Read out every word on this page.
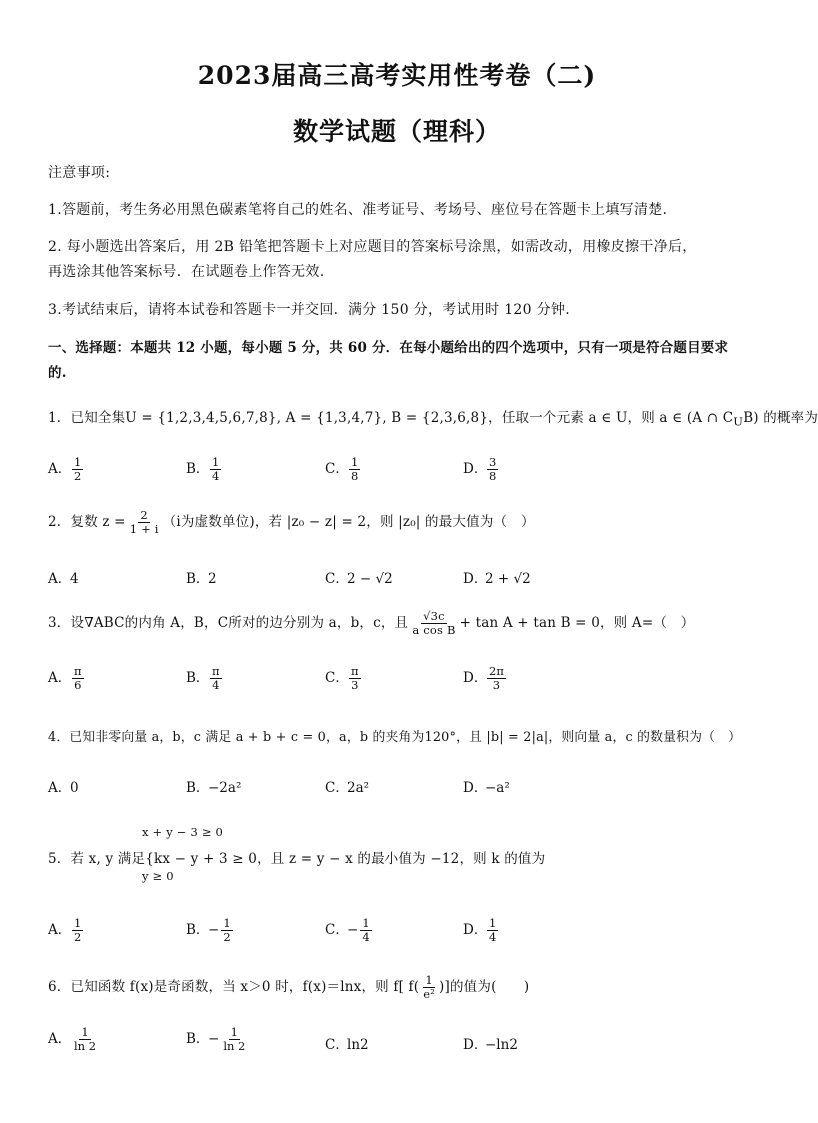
2023届高三高考实用性考卷（二)
数学试题（理科）
注意事项:
1.答题前，考生务必用黑色碳素笔将自己的姓名、准考证号、考场号、座位号在答题卡上填写清楚.
2. 每小题选出答案后，用 2B 铅笔把答题卡上对应题目的答案标号涂黑，如需改动，用橡皮擦干净后，
再选涂其他答案标号．在试题卷上作答无效.
3.考试结束后，请将本试卷和答题卡一并交回．满分 150 分，考试用时 120 分钟.
一、选择题：本题共 12 小题，每小题 5 分，共 60 分．在每小题给出的四个选项中，只有一项是符合题目要求
的.
1．已知全集U = {1,2,3,4,5,6,7,8}, A = {1,3,4,7}, B = {2,3,6,8}，任取一个元素 a ∈ U，则 a ∈ (A ∩ $C_UB$) 的概率为
A． $\frac{1}{2}$	B． $\frac{1}{4}$	C． $\frac{1}{8}$	D． $\frac{3}{8}$
2．复数 $z = \frac{2}{1 + i} (i$为虚数单位)，若 |z₀ − z| = 2，则 |z₀| 的最大值为（　）
A．4	B．2	C．2 − √2	D．2 + √2
3．设∇ABC的内角 A，B，C所对的边分别为 a，b，c，且 $\frac{√3c}{\text{a cos B}} + \tan A + \tan B = 0$，则 A=（　）
A． $\frac{\pi}{6}$	B． $\frac{\pi}{4}$	C． $\frac{\pi}{3}$	D． $\frac{2\pi}{3}$
4．已知非零向量 a，b，c 满足 a + b + c = 0，a，b 的夹角为120°，且 |b| = 2|a|，则向量 a，c 的数量积为（　）
A．0	B．−2a²	C．2a²	D．−a²
x + y − 3 ≥ 0
5．若 x, y 满足{kx − y + 3 ≥ 0，且 z = y − x 的最小值为 −12，则 k 的值为
y ≥ 0
A． $\frac{1}{2}$	B．− $\frac{1}{2}$	C．− $\frac{1}{4}$	D． $\frac{1}{4}$
6．已知函数 f(x)是奇函数，当 x＞0 时，f(x)＝lnx，则 f[ $f( \frac{1}{\text{e²}}$ )]的值为(　　)
A． $\frac{1}{\ln 2}$	B．− $\frac{1}{\ln 2}$	C．ln2	D．−ln2
